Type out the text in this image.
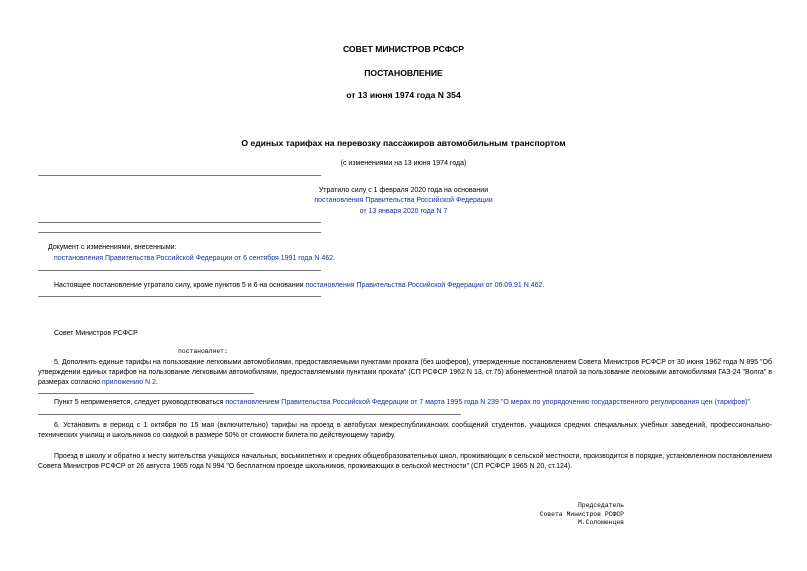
СОВЕТ МИНИСТРОВ РСФСР
ПОСТАНОВЛЕНИЕ
от 13 июня 1974 года N 354
О единых тарифах на перевозку пассажиров автомобильным транспортом
(с изменениями на 13 июня 1974 года)
Утратило силу с 1 февраля 2020 года на основании
постановления Правительства Российской Федерации
от 13 января 2020 года N 7
Документ с изменениями, внесенными:
постановления Правительства Российской Федерации от 6 сентября 1991 года N 462.
Настоящее постановление утратило силу, кроме пунктов 5 и 6 на основании постановления Правительства Российской Федерации от 06.09.91 N 462.
Совет Министров РСФСР
постановляет:
5. Дополнить единые тарифы на пользование легковыми автомобилями, предоставляемыми пунктами проката (без шоферов), утвержденные постановлением Совета Министров РСФСР от 30 июня 1962 года N 895 "Об утверждении единых тарифов на пользование легковыми автомобилями, предоставляемыми пунктами проката" (СП РСФСР 1962 N 13, ст.75) абонементной платой за пользование легковыми автомобилями ГАЗ-24 "Волга" в размерах согласно приложению N 2.
Пункт 5 неприменяется, следует руководствоваться постановлением Правительства Российской Федерации от 7 марта 1995 года N 239 "О мерах по упорядочению государственного регулирования цен (тарифов)"
6. Установить в период с 1 октября по 15 мая (включительно) тарифы на проезд в автобусах межреспубликанских сообщений студентов, учащихся средних специальных учебных заведений, профессионально-технических училищ и школьников со скидкой в размере 50% от стоимости билета по действующему тарифу.
Проезд в школу и обратно к месту жительства учащихся начальных, восьмилетних и средних общеобразовательных школ, проживающих в сельской местности, производится в порядке, установленном постановлением Совета Министров РСФСР от 26 августа 1965 года N 994 "О бесплатном проезде школьников, проживающих в сельской местности" (СП РСФСР 1965 N 20, ст.124).
Председатель
Совета Министров РСФСР
М.Соломенцев
